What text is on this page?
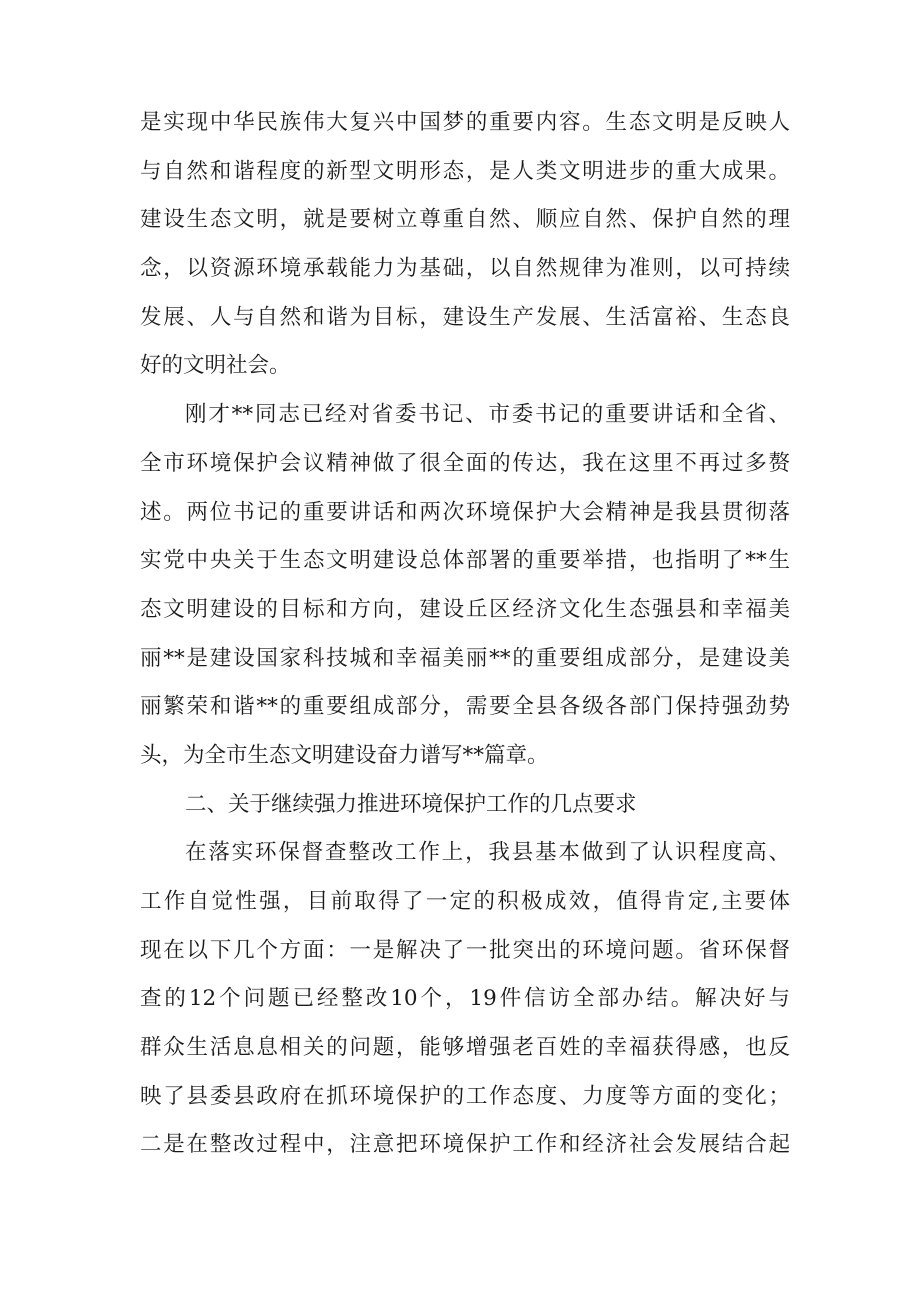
是实现中华民族伟大复兴中国梦的重要内容。生态文明是反映人
与自然和谐程度的新型文明形态，是人类文明进步的重大成果。
建设生态文明，就是要树立尊重自然、顺应自然、保护自然的理
念，以资源环境承载能力为基础，以自然规律为准则，以可持续
发展、人与自然和谐为目标，建设生产发展、生活富裕、生态良
好的文明社会。
刚才**同志已经对省委书记、市委书记的重要讲话和全省、
全市环境保护会议精神做了很全面的传达，我在这里不再过多赘
述。两位书记的重要讲话和两次环境保护大会精神是我县贯彻落
实党中央关于生态文明建设总体部署的重要举措，也指明了**生
态文明建设的目标和方向，建设丘区经济文化生态强县和幸福美
丽**是建设国家科技城和幸福美丽**的重要组成部分，是建设美
丽繁荣和谐**的重要组成部分，需要全县各级各部门保持强劲势
头，为全市生态文明建设奋力谱写**篇章。
二、关于继续强力推进环境保护工作的几点要求
在落实环保督查整改工作上，我县基本做到了认识程度高、
工作自觉性强，目前取得了一定的积极成效，值得肯定,主要体
现在以下几个方面：一是解决了一批突出的环境问题。省环保督
查的12个问题已经整改10个，19件信访全部办结。解决好与
群众生活息息相关的问题，能够增强老百姓的幸福获得感，也反
映了县委县政府在抓环境保护的工作态度、力度等方面的变化；
二是在整改过程中，注意把环境保护工作和经济社会发展结合起
